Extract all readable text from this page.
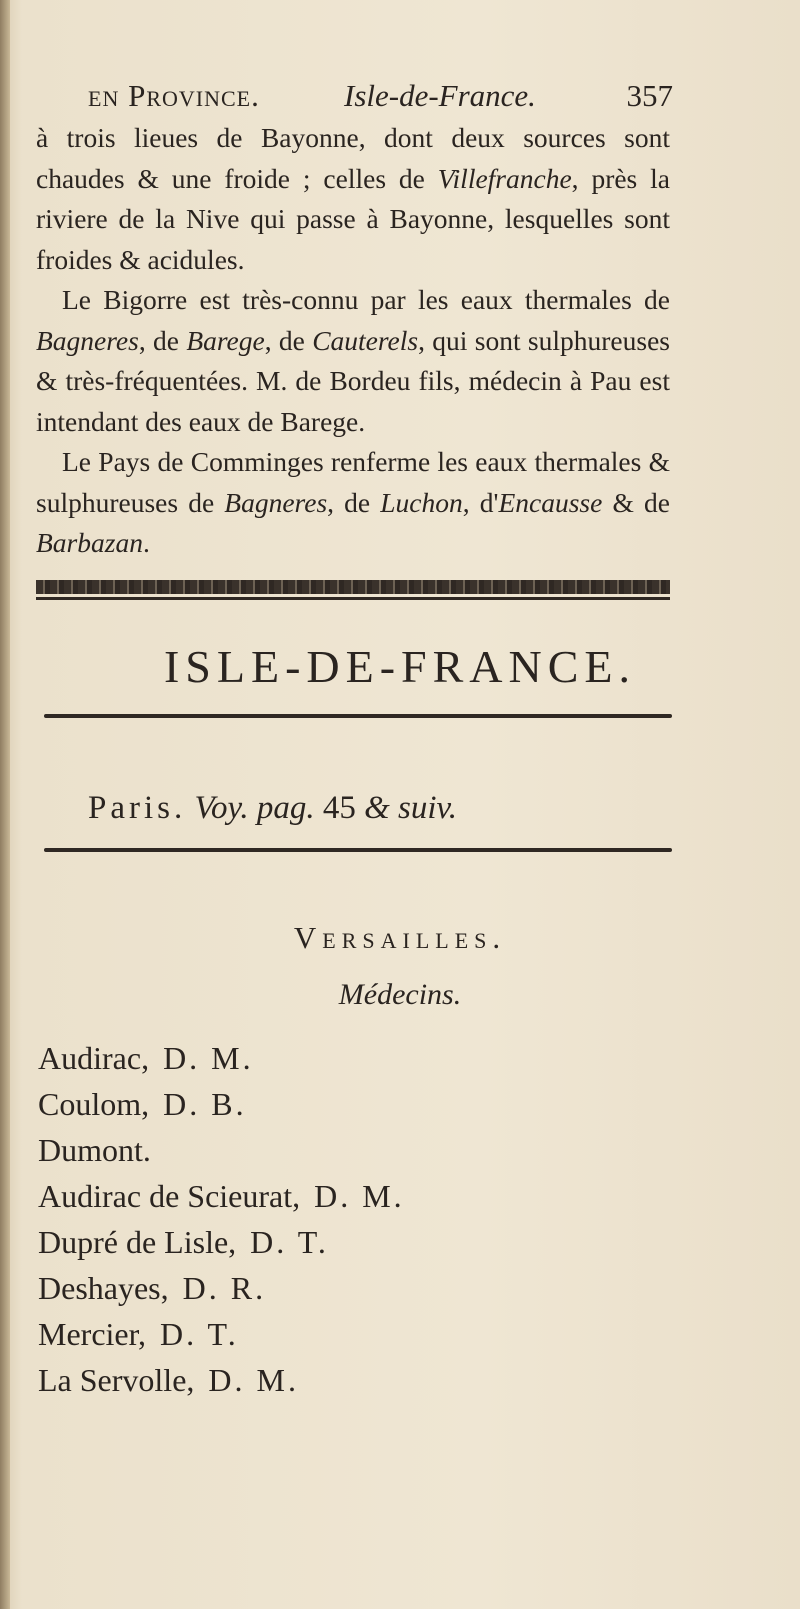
en Province.	Isle-de-France.	357

à trois lieues de Bayonne, dont deux sources sont chaudes & une froide ; celles de Villefranche, près la riviere de la Nive qui passe à Bayonne, lesquelles sont froides & acidules.

Le Bigorre est très-connu par les eaux thermales de Bagneres, de Barege, de Cauterels, qui sont sulphureuses & très-fréquentées. M. de Bordeu fils, médecin à Pau est intendant des eaux de Barege.

Le Pays de Comminges renferme les eaux thermales & sulphureuses de Bagneres, de Luchon, d'Encausse & de Barbazan.

ISLE-DE-FRANCE.
Paris. Voy. pag. 45 & suiv.
Versailles.
Médecins.
Audirac, D. M.
Coulom, D. B.
Dumont.
Audirac de Scieurat, D. M.
Dupré de Lisle, D. T.
Deshayes, D. R.
Mercier, D. T.
La Servolle, D. M.
